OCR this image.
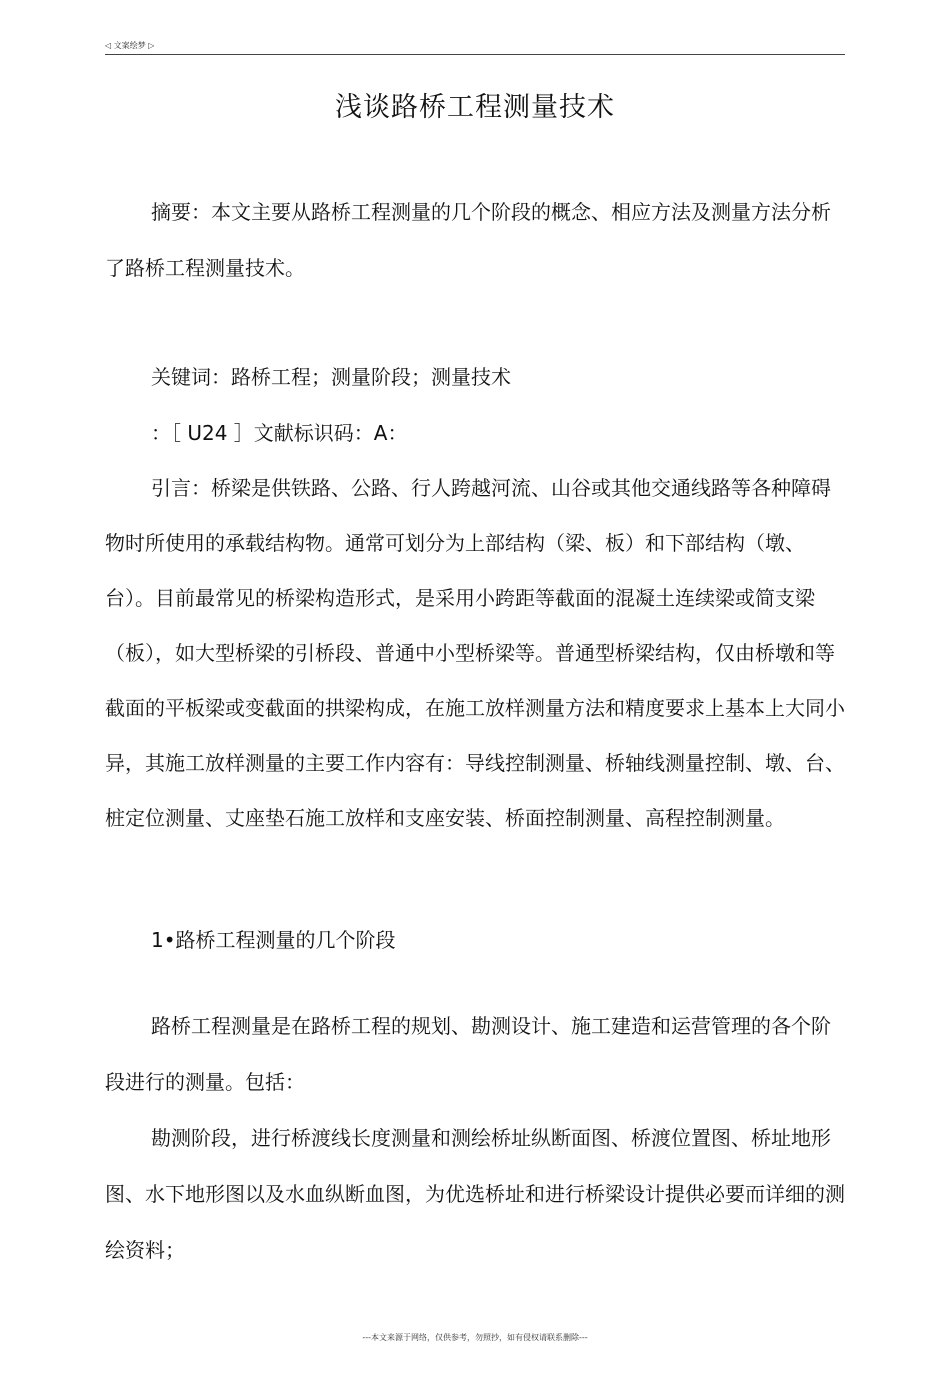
◁ 文案绘梦 ▷
浅谈路桥工程测量技术
摘要：本文主要从路桥工程测量的几个阶段的概念、相应方法及测量方法分析了路桥工程测量技术。
关键词：路桥工程；测量阶段；测量技术
：［ U24 ］文献标识码：A：
引言：桥梁是供铁路、公路、行人跨越河流、山谷或其他交通线路等各种障碍物时所使用的承载结构物。通常可划分为上部结构（梁、板）和下部结构（墩、台）。目前最常见的桥梁构造形式，是采用小跨距等截面的混凝土连续梁或简支梁（板），如大型桥梁的引桥段、普通中小型桥梁等。普通型桥梁结构，仅由桥墩和等截面的平板梁或变截面的拱梁构成，在施工放样测量方法和精度要求上基本上大同小异，其施工放样测量的主要工作内容有：导线控制测量、桥轴线测量控制、墩、台、桩定位测量、丈座垫石施工放样和支座安装、桥面控制测量、高程控制测量。
1•路桥工程测量的几个阶段
路桥工程测量是在路桥工程的规划、勘测设计、施工建造和运营管理的各个阶段进行的测量。包括：
勘测阶段，进行桥渡线长度测量和测绘桥址纵断面图、桥渡位置图、桥址地形图、水下地形图以及水血纵断血图，为优选桥址和进行桥梁设计提供必要而详细的测绘资料；
---本文来源于网络，仅供参考，勿照抄，如有侵权请联系删除---
